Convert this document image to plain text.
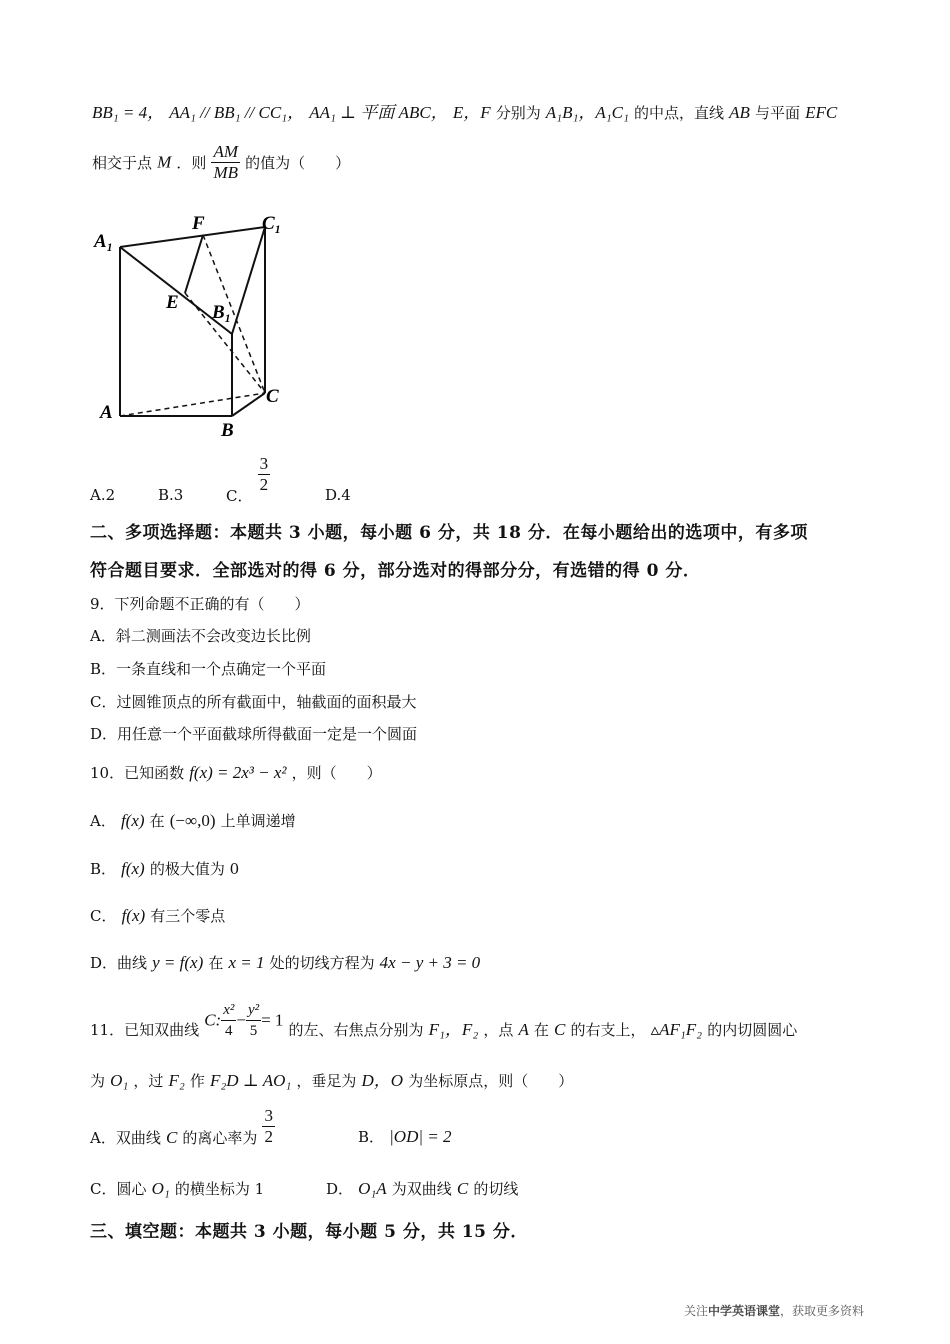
BB₁ = 4， AA₁ // BB₁ // CC₁， AA₁ ⊥ 平面 ABC， E，F 分别为 A₁B₁，A₁C₁ 的中点，直线 AB 与平面 EFC
相交于点 M ．则 $\frac{AM}{MB}$ 的值为（　　）
A₁
F	C₁
E B₁
C
A
B
A.2	B.3	C．
$\frac{3}{2}$	D.4
二、多项选择题：本题共 3 小题，每小题 6 分，共 18 分．在每小题给出的选项中，有多项
符合题目要求．全部选对的得 6 分，部分选对的得部分分，有选错的得 0 分．
9．下列命题不正确的有（　　）
A．斜二测画法不会改变边长比例
B．一条直线和一个点确定一个平面
C．过圆锥顶点的所有截面中，轴截面的面积最大
D．用任意一个平面截球所得截面一定是一个圆面
10．已知函数 f(x) = 2x³ − x² ，则（　　）
A． f(x) 在 (−∞,0) 上单调递增
B． f(x) 的极大值为 0
C． f(x) 有三个零点
D．曲线 y = f(x) 在 x = 1 处的切线方程为 4x − y + 3 = 0
11．已知双曲线 C: $\frac{\text{x²}}{4} - \frac{\text{y²}}{5} = 1$ 的左、右焦点分别为 F₁，F₂ ，点 A 在 C 的右支上， ▵AF₁F₂ 的内切圆圆心
为 O₁ ，过 F₂ 作 F₂D ⊥ AO₁ ，垂足为 D，O 为坐标原点，则（　　）
A．双曲线 C 的离心率为 $\frac{3}{2}$	B． |OD| = 2
C．圆心 O₁ 的横坐标为 1	D． O₁A 为双曲线 C 的切线
三、填空题：本题共 3 小题，每小题 5 分，共 15 分．
关注中学英语课堂，获取更多资料
